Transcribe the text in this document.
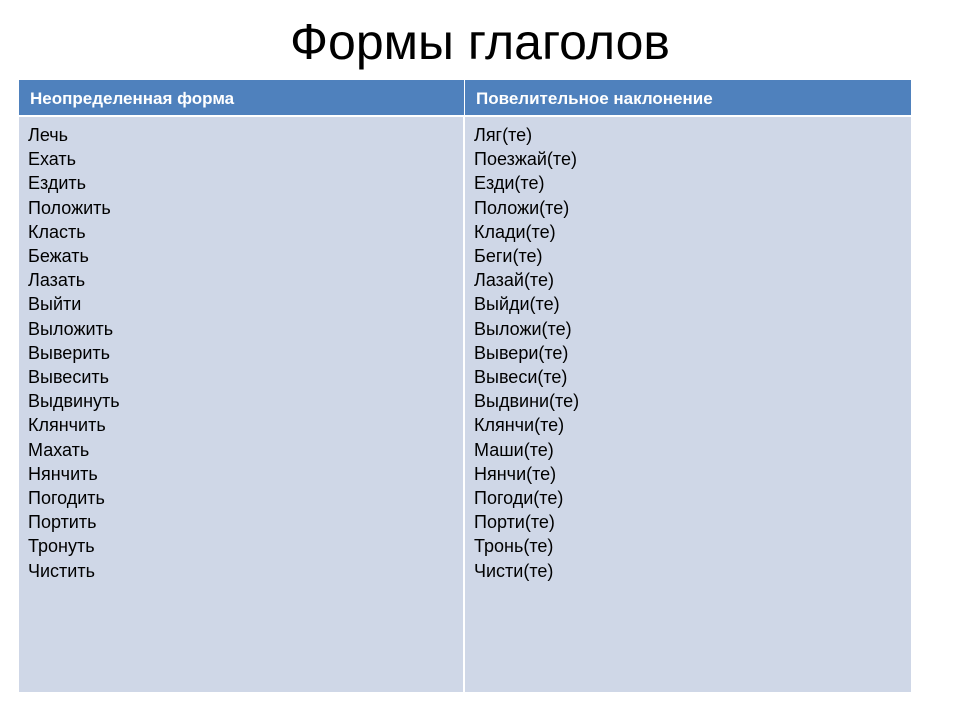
Формы глаголов
Неопределенная форма	Повелительное наклонение
Лечь
Ехать
Ездить
Положить
Класть
Бежать
Лазать
Выйти
Выложить
Выверить
Вывесить
Выдвинуть
Клянчить
Махать
Нянчить
Погодить
Портить
Тронуть
Чистить
Ляг(те)
Поезжай(те)
Езди(те)
Положи(те)
Клади(те)
Беги(те)
Лазай(те)
Выйди(те)
Выложи(те)
Вывери(те)
Вывеси(те)
Выдвини(те)
Клянчи(те)
Маши(те)
Нянчи(те)
Погоди(те)
Порти(те)
Тронь(те)
Чисти(те)
